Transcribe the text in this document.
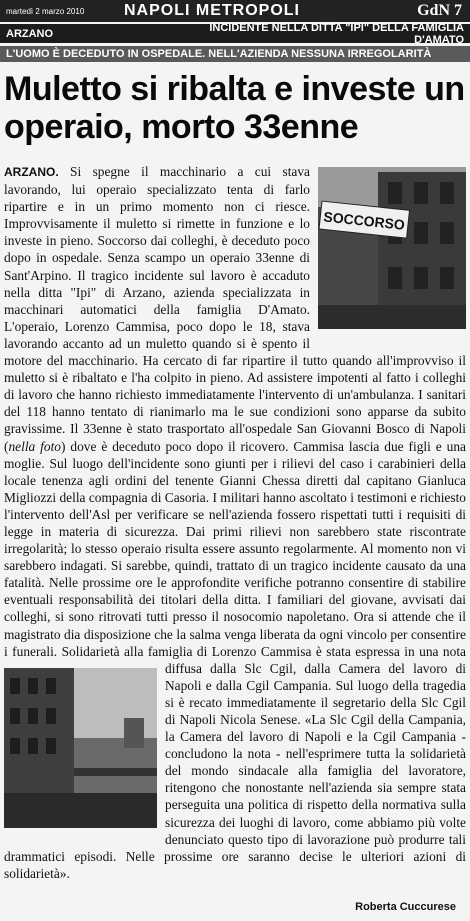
martedì 2 marzo 2010	NAPOLI METROPOLI	GdN 7
ARZANO	INCIDENTE NELLA DITTA "IPI" DELLA FAMIGLIA D'AMATO
L'UOMO È DECEDUTO IN OSPEDALE. NELL'AZIENDA NESSUNA IRREGOLARITÀ
Muletto si ribalta e investe un operaio, morto 33enne
SOCCORSO
ARZANO. Si spegne il macchinario a cui stava lavorando, lui operaio specializzato tenta di farlo ripartire e in un primo momento non ci riesce. Improvvisamente il muletto si rimette in funzione e lo investe in pieno. Soccorso dai colleghi, è deceduto poco dopo in ospedale. Senza scampo un operaio 33enne di Sant'Arpino. Il tragico incidente sul lavoro è accaduto nella ditta "Ipi" di Arzano, azienda specializzata in macchinari automatici della famiglia D'Amato. L'operaio, Lorenzo Cammisa, poco dopo le 18, stava lavorando accanto ad un muletto quando si è spento il motore del macchinario. Ha cercato di far ripartire il tutto quando all'improvviso il muletto si è ribaltato e l'ha colpito in pieno. Ad assistere impotenti al fatto i colleghi di lavoro che hanno richiesto immediatamente l'intervento di un'ambulanza. I sanitari del 118 hanno tentato di rianimarlo ma le sue condizioni sono apparse da subito gravissime. Il 33enne è stato trasportato all'ospedale San Giovanni Bosco di Napoli (nella foto
) dove è deceduto poco dopo il ricovero. Cammisa lascia due figli e una moglie. Sul luogo dell'incidente sono giunti per i rilievi del caso i carabinieri della locale tenenza agli ordini del tenente Gianni Chessa diretti dal capitano Gianluca Migliozzi della compagnia di Casoria. I militari hanno ascoltato i testimoni e richiesto l'intervento dell'Asl per verificare se nell'azienda fossero rispettati tutti i requisiti di legge in materia di sicurezza. Dai primi rilievi non sarebbero state riscontrate irregolarità; lo stesso operaio risulta essere assunto regolarmente. Al momento non vi sarebbero indagati. Si sarebbe, quindi, trattato di un tragico incidente causato da una fatalità. Nelle prossime ore le approfondite verifiche potranno consentire di stabilire eventuali responsabilità dei titolari della ditta. I familiari del giovane, avvisati dai colleghi, si sono ritrovati tutti presso il nosocomio napoletano. Ora si attende che il magistrato dia disposizione che la salma venga liberata da ogni vincolo per consentire i funerali. Solidarietà alla famiglia di Lorenzo Cammisa è stata espressa in una nota diffusa dalla Slc Cgil, dalla Camera del lavoro di Napoli e dalla Cgil Campania. Sul luogo della tragedia si è recato immediatamente il segretario della Slc Cgil di Napoli Nicola Senese. «La Slc Cgil della Campania, la Camera del lavoro di Napoli e la Cgil Campania - concludono la nota - nell'esprimere tutta la solidarietà del mondo sindacale alla famiglia del lavoratore, ritengono che nonostante nell'azienda sia sempre stata perseguita una politica di rispetto della normativa sulla sicurezza dei luoghi di lavoro, come abbiamo più volte denunciato questo tipo di lavorazione può produrre tali drammatici episodi. Nelle prossime ore saranno decise le ulteriori azioni di solidarietà».
Roberta Cuccurese
